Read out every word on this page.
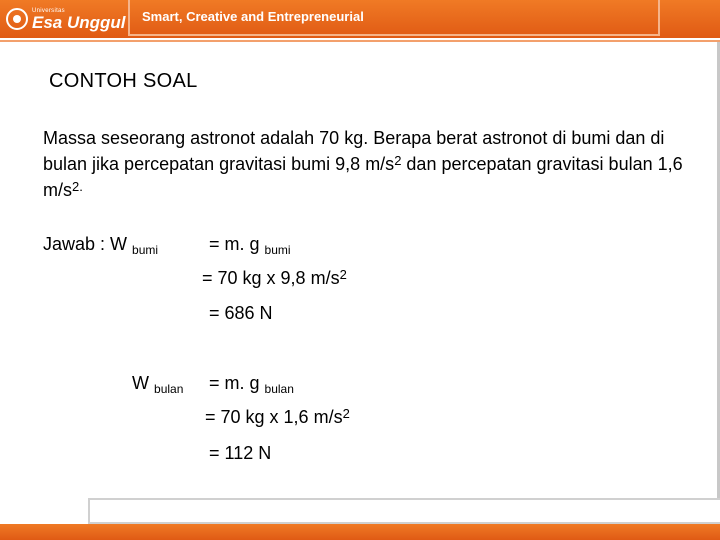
Universitas
Esa Unggul Smart, Creative and Entrepreneurial
CONTOH SOAL
Massa seseorang astronot adalah 70 kg. Berapa berat astronot di bumi dan di bulan jika percepatan gravitasi bumi 9,8 $m/s^2$ dan percepatan gravitasi bulan 1,6 $m/s^{2.}$
Jawab : W $_{bumi}$	= m. g $_{bumi}$
= 70 kg x 9,8 $m/s^2$
= 686 N
W $_{bulan}$ = m. g $_{bulan}$
= 70 kg x 1,6 $m/s^2$
= 112 N
